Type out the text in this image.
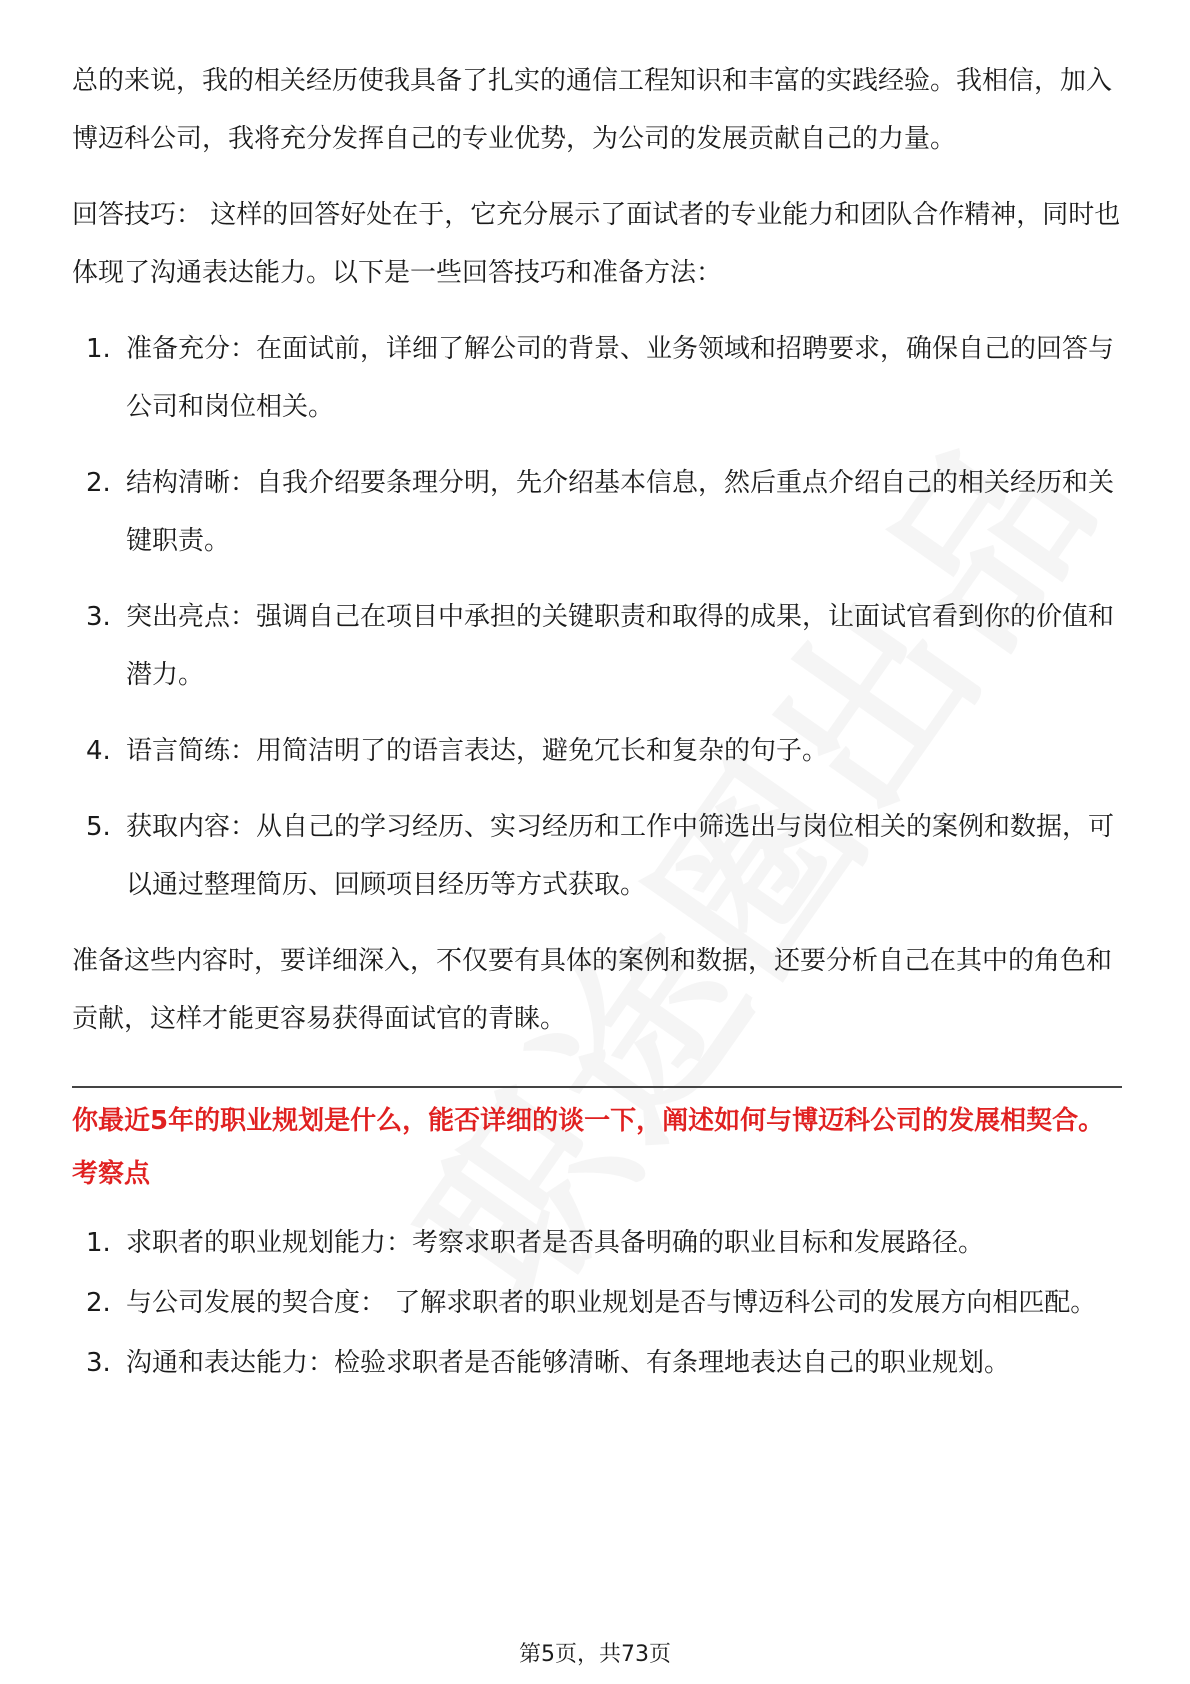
总的来说，我的相关经历使我具备了扎实的通信工程知识和丰富的实践经验。我相信，加入博迈科公司，我将充分发挥自己的专业优势，为公司的发展贡献自己的力量。

回答技巧： 这样的回答好处在于，它充分展示了面试者的专业能力和团队合作精神，同时也体现了沟通表达能力。以下是一些回答技巧和准备方法：

1. 准备充分：在面试前，详细了解公司的背景、业务领域和招聘要求，确保自己的回答与公司和岗位相关。
2. 结构清晰：自我介绍要条理分明，先介绍基本信息，然后重点介绍自己的相关经历和关键职责。
3. 突出亮点：强调自己在项目中承担的关键职责和取得的成果，让面试官看到你的价值和潜力。
4. 语言简练：用简洁明了的语言表达，避免冗长和复杂的句子。
5. 获取内容：从自己的学习经历、实习经历和工作中筛选出与岗位相关的案例和数据，可以通过整理简历、回顾项目经历等方式获取。

准备这些内容时，要详细深入，不仅要有具体的案例和数据，还要分析自己在其中的角色和贡献，这样才能更容易获得面试官的青睐。

你最近5年的职业规划是什么，能否详细的谈一下，阐述如何与博迈科公司的发展相契合。

考察点

1. 求职者的职业规划能力：考察求职者是否具备明确的职业目标和发展路径。
2. 与公司发展的契合度： 了解求职者的职业规划是否与博迈科公司的发展方向相匹配。
3. 沟通和表达能力：检验求职者是否能够清晰、有条理地表达自己的职业规划。
第5页，共73页
